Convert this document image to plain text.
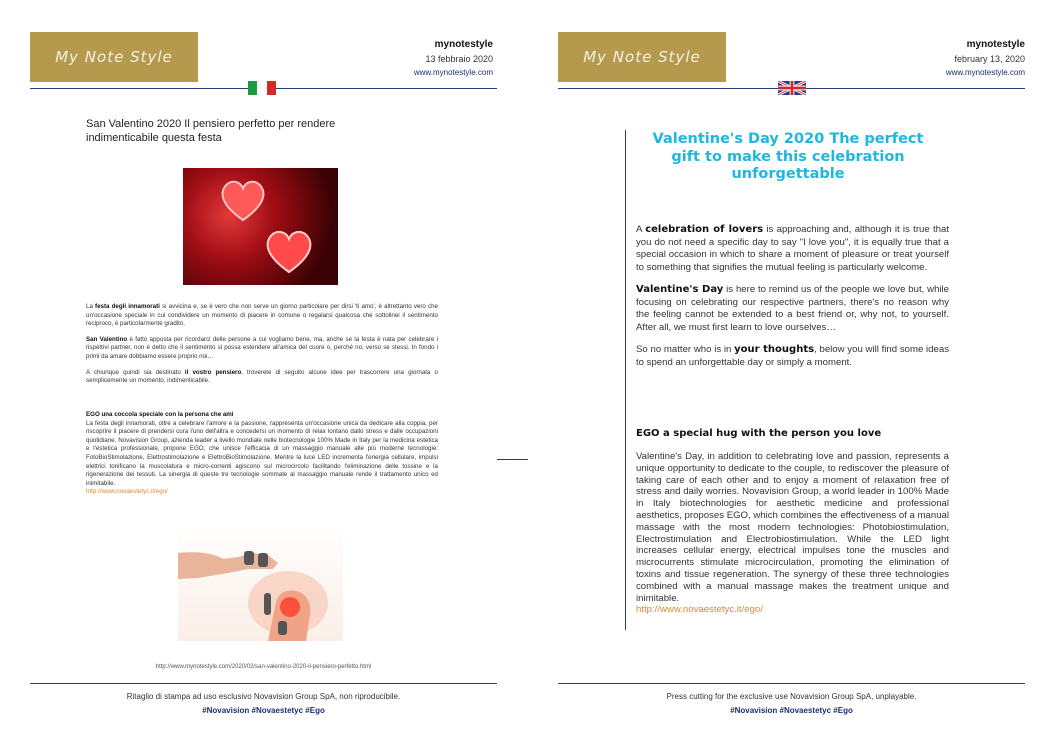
My Note Style
mynotestyle
13 febbraio 2020
www.mynotestyle.com
San Valentino 2020 Il pensiero perfetto per rendere indimenticabile questa festa

La festa degli innamorati si avvicina e, se è vero che non serve un giorno particolare per dirsi 'ti amo', è altrettanto vero che un'occasione speciale in cui condividere un momento di piacere in comune o regalarsi qualcosa che sottolinei il sentimento reciproco, è particolarmente gradito.

San Valentino è fatto apposta per ricordarci delle persone a cui vogliamo bene, ma, anche se la festa è nata per celebrare i rispettivi partner, non è detto che il sentimento si possa estendere all'amica del cuore o, perché no, verso se stessi. In fondo i primi da amare dobbiamo essere proprio noi…

A chiunque quindi sia destinato il vostro pensiero, troverete di seguito alcune idee per trascorrere una giornata o semplicemente un momento, indimenticabile.

EGO una coccola speciale con la persona che ami
La festa degli innamorati, oltre a celebrare l'amore e la passione, rappresenta un'occasione unica da dedicare alla coppia, per riscoprire il piacere di prendersi cura l'uno dell'altra e concedersi un momento di relax lontano dallo stress e dalle occupazioni quotidiane. Novavision Group, azienda leader a livello mondiale nelle biotecnologie 100% Made in Italy per la medicina estetica e l'estetica professionale, propone EGO, che unisce l'efficacia di un massaggio manuale alle più moderne tecnologie: FotoBioStimolazione, Elettrostimolazione e ElettroBioStimolazione. Mentre la luce LED incrementa l'energia cellulare, impulsi elettrici tonificano la muscolatura e micro-correnti agiscono sul microcircolo facilitando l'eliminazione delle tossine e la rigenerazione dei tessuti. La sinergia di queste tre tecnologie sommate al massaggio manuale rende il trattamento unico ed inimitabile.
http://www.novaestetyc.it/ego/
http://www.mynotestyle.com/2020/02/san-valentino-2020-il-pensiero-perfetto.html
Ritaglio di stampa ad uso esclusivo Novavision Group SpA, non riproducibile.
#Novavision #Novaestetyc #Ego
My Note Style
mynotestyle
february 13, 2020
www.mynotestyle.com
Valentine's Day 2020 The perfect gift to make this celebration unforgettable

A celebration of lovers is approaching and, although it is true that you do not need a specific day to say "I love you", it is equally true that a special occasion in which to share a moment of pleasure or treat yourself to something that signifies the mutual feeling is particularly welcome.

Valentine's Day is here to remind us of the people we love but, while focusing on celebrating our respective partners, there's no reason why the feeling cannot be extended to a best friend or, why not, to yourself. After all, we must first learn to love ourselves…

So no matter who is in your thoughts, below you will find some ideas to spend an unforgettable day or simply a moment.

EGO a special hug with the person you love
Valentine's Day, in addition to celebrating love and passion, represents a unique opportunity to dedicate to the couple, to rediscover the pleasure of taking care of each other and to enjoy a moment of relaxation free of stress and daily worries. Novavision Group, a world leader in 100% Made in Italy biotechnologies for aesthetic medicine and professional aesthetics, proposes EGO, which combines the effectiveness of a manual massage with the most modern technologies: Photobiostimulation, Electrostimulation and Electrobiostimulation. While the LED light increases cellular energy, electrical impulses tone the muscles and microcurrents stimulate microcirculation, promoting the elimination of toxins and tissue regeneration. The synergy of these three technologies combined with a manual massage makes the treatment unique and inimitable.
http://www.novaestetyc.it/ego/
Press cutting for the exclusive use Novavision Group SpA, unplayable.
#Novavision #Novaestetyc #Ego
